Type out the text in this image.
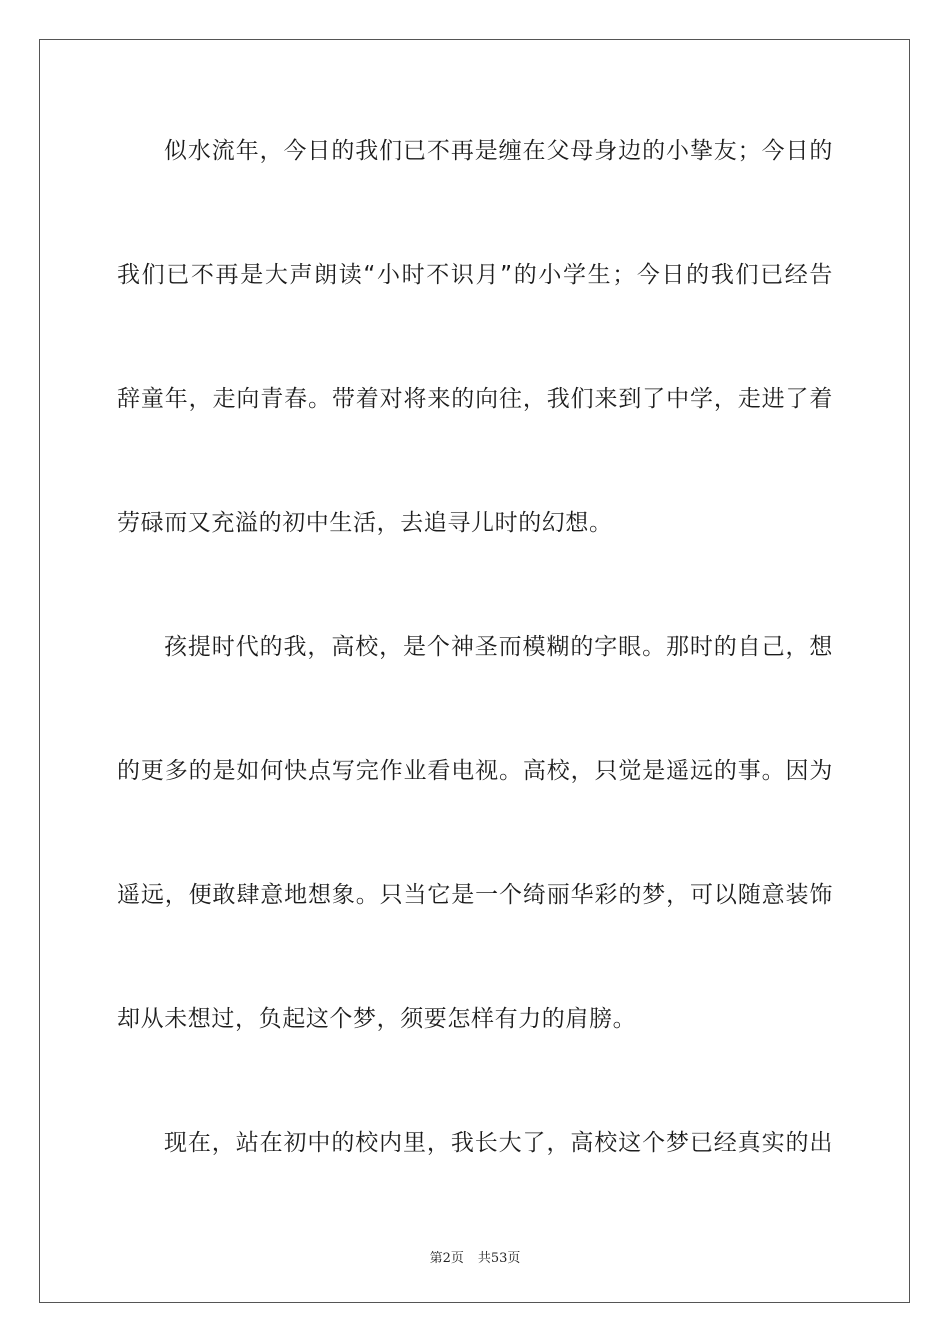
似水流年，今日的我们已不再是缠在父母身边的小挚友；今日的
我们已不再是大声朗读“小时不识月”的小学生；今日的我们已经告
辞童年，走向青春。带着对将来的向往，我们来到了中学，走进了着
劳碌而又充溢的初中生活，去追寻儿时的幻想。
孩提时代的我，高校，是个神圣而模糊的字眼。那时的自己，想
的更多的是如何快点写完作业看电视。高校，只觉是遥远的事。因为
遥远，便敢肆意地想象。只当它是一个绮丽华彩的梦，可以随意装饰
却从未想过，负起这个梦，须要怎样有力的肩膀。
现在，站在初中的校内里，我长大了，高校这个梦已经真实的出
第2页 共53页
